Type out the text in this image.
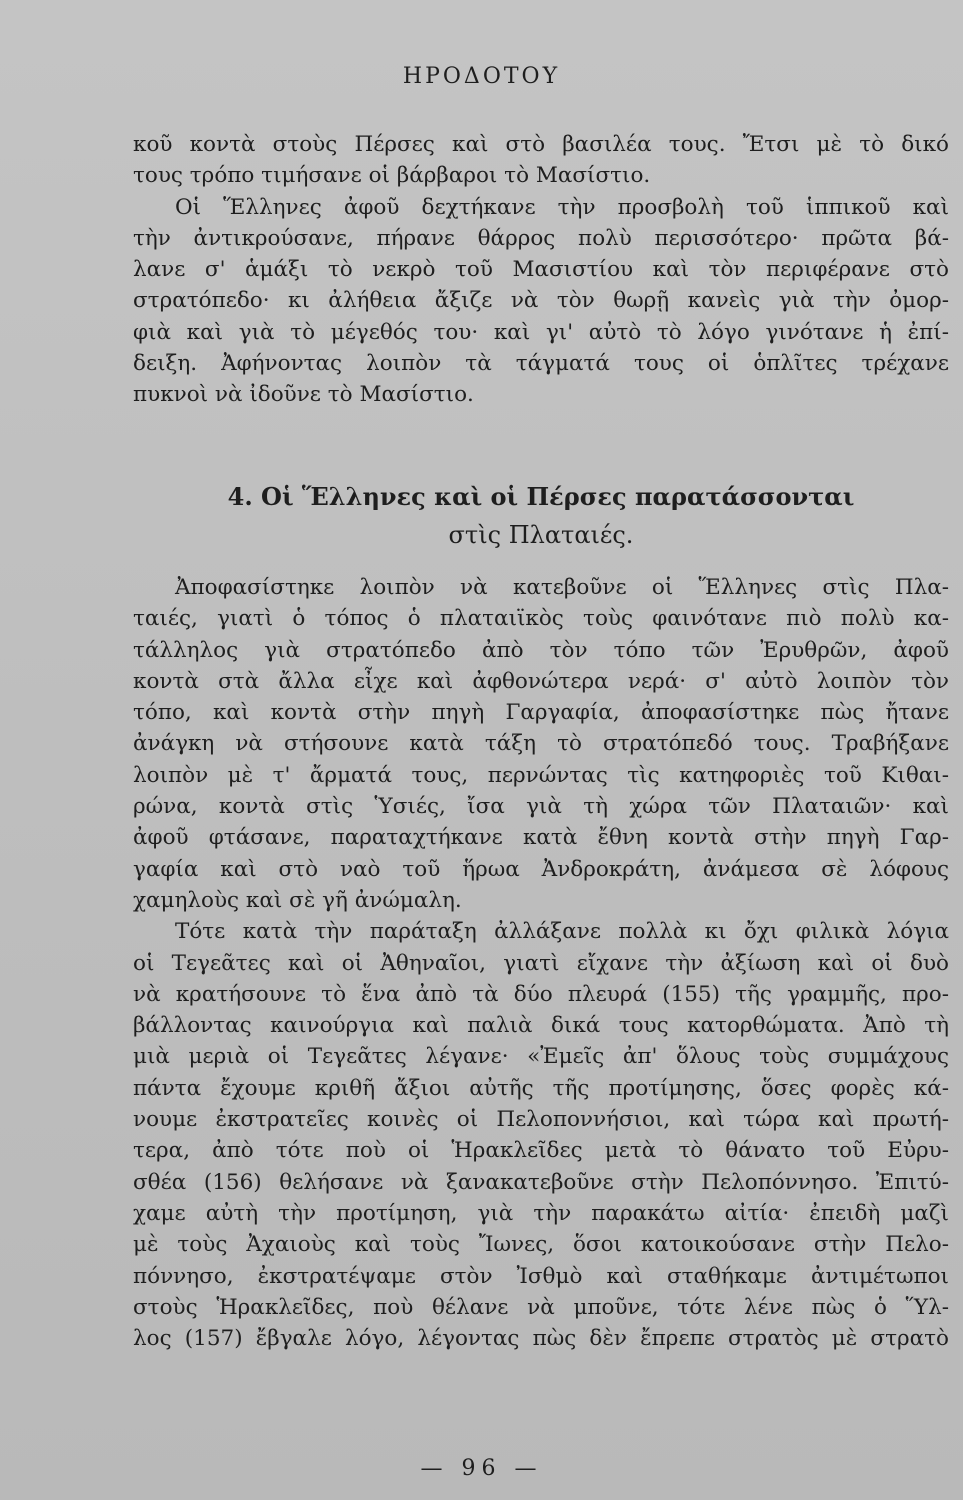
ΗΡΟΔΟΤΟΥ
κοῦ κοντὰ στοὺς Πέρσες καὶ στὸ βασιλέα τους. Ἔτσι μὲ τὸ δικό
τους τρόπο τιμήσανε οἱ βάρβαροι τὸ Μασίστιο.
Οἱ Ἕλληνες ἀφοῦ δεχτήκανε τὴν προσβολὴ τοῦ ἱππικοῦ καὶ
τὴν ἀντικρούσανε, πήρανε θάρρος πολὺ περισσότερο· πρῶτα βά-
λανε σ' ἁμάξι τὸ νεκρὸ τοῦ Μασιστίου καὶ τὸν περιφέρανε στὸ
στρατόπεδο· κι ἀλήθεια ἄξιζε νὰ τὸν θωρῇ κανεὶς γιὰ τὴν ὀμορ-
φιὰ καὶ γιὰ τὸ μέγεθός του· καὶ γι' αὐτὸ τὸ λόγο γινότανε ἡ ἐπί-
δειξη. Ἀφήνοντας λοιπὸν τὰ τάγματά τους οἱ ὁπλῖτες τρέχανε
πυκνοὶ νὰ ἰδοῦνε τὸ Μασίστιο.
4. Οἱ Ἕλληνες καὶ οἱ Πέρσες παρατάσσονται
στὶς Πλαταιές.
Ἀποφασίστηκε λοιπὸν νὰ κατεβοῦνε οἱ Ἕλληνες στὶς Πλα-
ταιές, γιατὶ ὁ τόπος ὁ πλαταιϊκὸς τοὺς φαινότανε πιὸ πολὺ κα-
τάλληλος γιὰ στρατόπεδο ἀπὸ τὸν τόπο τῶν Ἐρυθρῶν, ἀφοῦ
κοντὰ στὰ ἄλλα εἶχε καὶ ἀφθονώτερα νερά· σ' αὐτὸ λοιπὸν τὸν
τόπο, καὶ κοντὰ στὴν πηγὴ Γαργαφία, ἀποφασίστηκε πὼς ἤτανε
ἀνάγκη νὰ στήσουνε κατὰ τάξη τὸ στρατόπεδό τους. Τραβήξανε
λοιπὸν μὲ τ' ἄρματά τους, περνώντας τὶς κατηφοριὲς τοῦ Κιθαι-
ρώνα, κοντὰ στὶς Ὑσιές, ἴσα γιὰ τὴ χώρα τῶν Πλαταιῶν· καὶ
ἀφοῦ φτάσανε, παραταχτήκανε κατὰ ἔθνη κοντὰ στὴν πηγὴ Γαρ-
γαφία καὶ στὸ ναὸ τοῦ ἥρωα Ἀνδροκράτη, ἀνάμεσα σὲ λόφους
χαμηλοὺς καὶ σὲ γῆ ἀνώμαλη.
Τότε κατὰ τὴν παράταξη ἀλλάξανε πολλὰ κι ὄχι φιλικὰ λόγια
οἱ Τεγεᾶτες καὶ οἱ Ἀθηναῖοι, γιατὶ εἴχανε τὴν ἀξίωση καὶ οἱ δυὸ
νὰ κρατήσουνε τὸ ἕνα ἀπὸ τὰ δύο πλευρά (155) τῆς γραμμῆς, προ-
βάλλοντας καινούργια καὶ παλιὰ δικά τους κατορθώματα. Ἀπὸ τὴ
μιὰ μεριὰ οἱ Τεγεᾶτες λέγανε· «Ἐμεῖς ἀπ' ὅλους τοὺς συμμάχους
πάντα ἔχουμε κριθῆ ἄξιοι αὐτῆς τῆς προτίμησης, ὅσες φορὲς κά-
νουμε ἐκστρατεῖες κοινὲς οἱ Πελοποννήσιοι, καὶ τώρα καὶ πρωτή-
τερα, ἀπὸ τότε ποὺ οἱ Ἡρακλεῖδες μετὰ τὸ θάνατο τοῦ Εὐρυ-
σθέα (156) θελήσανε νὰ ξανακατεβοῦνε στὴν Πελοπόννησο. Ἐπιτύ-
χαμε αὐτὴ τὴν προτίμηση, γιὰ τὴν παρακάτω αἰτία· ἐπειδὴ μαζὶ
μὲ τοὺς Ἀχαιοὺς καὶ τοὺς Ἴωνες, ὅσοι κατοικούσανε στὴν Πελο-
πόννησο, ἐκστρατέψαμε στὸν Ἰσθμὸ καὶ σταθήκαμε ἀντιμέτωποι
στοὺς Ἡρακλεῖδες, ποὺ θέλανε νὰ μποῦνε, τότε λένε πὼς ὁ Ὕλ-
λος (157) ἔβγαλε λόγο, λέγοντας πὼς δὲν ἔπρεπε στρατὸς μὲ στρατὸ
— 96 —
